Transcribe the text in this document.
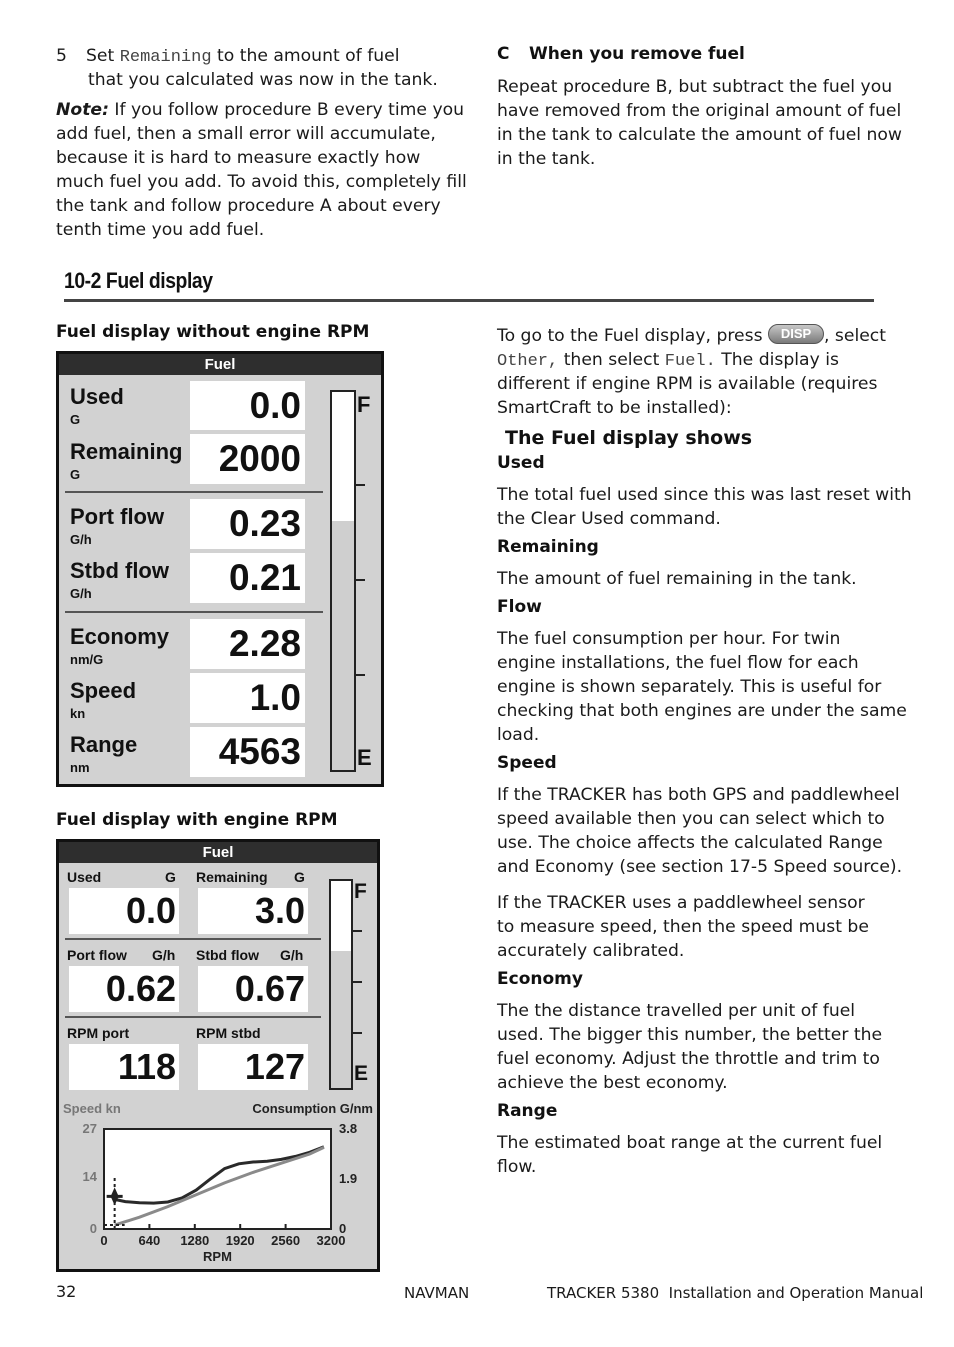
5 Set Remaining to the amount of fuel
that you calculated was now in the tank.
Note: If you follow procedure B every time you
add fuel, then a small error will accumulate,
because it is hard to measure exactly how
much fuel you add. To avoid this, completely fill
the tank and follow procedure A about every
tenth time you add fuel.
C When you remove fuel
Repeat procedure B, but subtract the fuel you
have removed from the original amount of fuel
in the tank to calculate the amount of fuel now
in the tank.
10-2 Fuel display
Fuel display without engine RPM
Fuel
Used
G	0.0
Remaining
G	2000
Port flow
G/h	0.23
Stbd flow
G/h	0.21
Economy
nm/G	2.28
Speed
kn	1.0
Range
nm	4563
F
E
Fuel display with engine RPM
Fuel
Used	G
0.0
Remaining G
3.0
Port flow G/h
0.62
Stbd flow G/h
0.67
RPM port
118
RPM stbd
127
F
E
Speed kn	Consumption G/nm
0 640 1280 1920 2560 3200
RPM
0
14
27
0
1.9
3.8
To go to the Fuel display, press DISP , select
Other, then select Fuel. The display is
different if engine RPM is available (requires
SmartCraft to be installed):
The Fuel display shows
Used
The total fuel used since this was last reset with
the Clear Used command.
Remaining
The amount of fuel remaining in the tank.
Flow
The fuel consumption per hour. For twin
engine installations, the fuel flow for each
engine is shown separately. This is useful for
checking that both engines are under the same
load.
Speed
If the TRACKER has both GPS and paddlewheel
speed available then you can select which to
use. The choice affects the calculated Range
and Economy (see section 17-5 Speed source).
If the TRACKER uses a paddlewheel sensor
to measure speed, then the speed must be
accurately calibrated.
Economy
The the distance travelled per unit of fuel
used. The bigger this number, the better the
fuel economy. Adjust the throttle and trim to
achieve the best economy.
Range
The estimated boat range at the current fuel
flow.
32	NAVMAN	TRACKER 5380  Installation and Operation Manual
